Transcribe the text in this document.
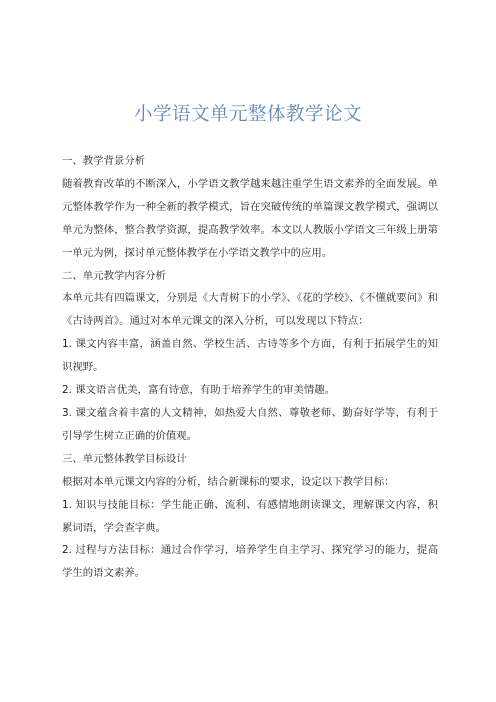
小学语文单元整体教学论文

一、教学背景分析

随着教育改革的不断深入，小学语文教学越来越注重学生语文素养的全面发展。单元整体教学作为一种全新的教学模式，旨在突破传统的单篇课文教学模式，强调以单元为整体，整合教学资源，提高教学效率。本文以人教版小学语文三年级上册第一单元为例，探讨单元整体教学在小学语文教学中的应用。

二、单元教学内容分析

本单元共有四篇课文，分别是《大青树下的小学》、《花的学校》、《不懂就要问》和《古诗两首》。通过对本单元课文的深入分析，可以发现以下特点：

1. 课文内容丰富，涵盖自然、学校生活、古诗等多个方面，有利于拓展学生的知识视野。

2. 课文语言优美，富有诗意，有助于培养学生的审美情趣。

3. 课文蕴含着丰富的人文精神，如热爱大自然、尊敬老师、勤奋好学等，有利于引导学生树立正确的价值观。

三、单元整体教学目标设计

根据对本单元课文内容的分析，结合新课标的要求，设定以下教学目标：

1. 知识与技能目标：学生能正确、流利、有感情地朗读课文，理解课文内容，积累词语，学会查字典。

2. 过程与方法目标：通过合作学习，培养学生自主学习、探究学习的能力，提高学生的语文素养。
